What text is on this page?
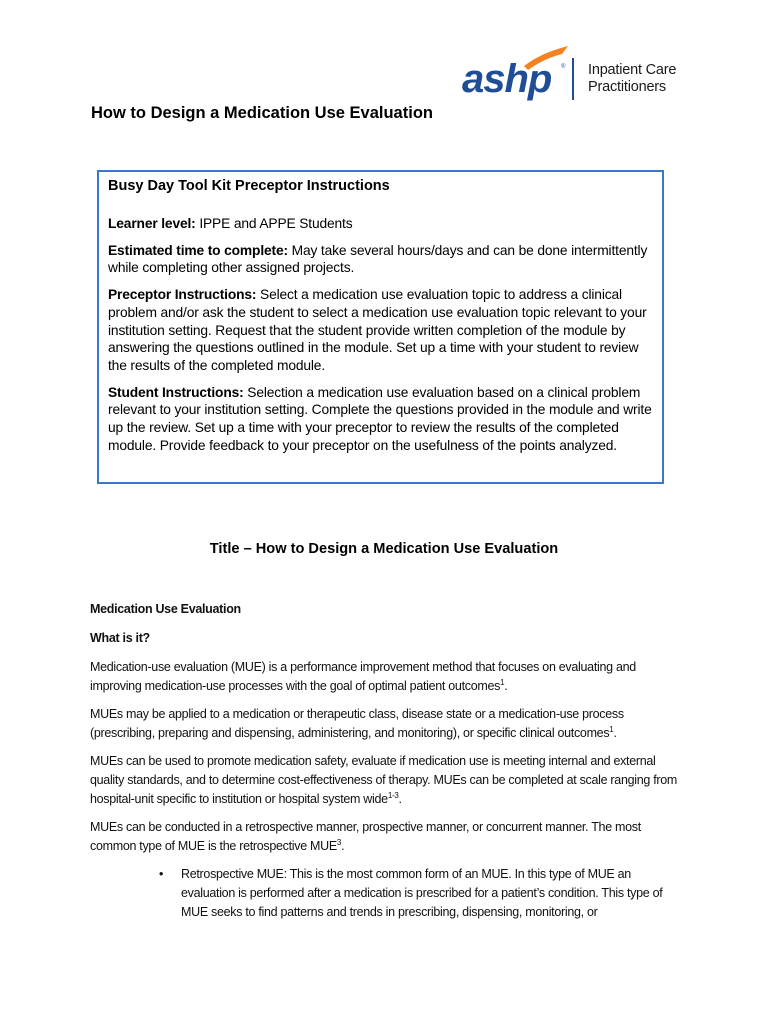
ashp ® Inpatient Care
Practitioners
How to Design a Medication Use Evaluation
Busy Day Tool Kit Preceptor Instructions

Learner level: IPPE and APPE Students

Estimated time to complete: May take several hours/days and can be done intermittently while completing other assigned projects.

Preceptor Instructions: Select a medication use evaluation topic to address a clinical problem and/or ask the student to select a medication use evaluation topic relevant to your institution setting. Request that the student provide written completion of the module by answering the questions outlined in the module. Set up a time with your student to review the results of the completed module.

Student Instructions: Selection a medication use evaluation based on a clinical problem relevant to your institution setting. Complete the questions provided in the module and write up the review. Set up a time with your preceptor to review the results of the completed module. Provide feedback to your preceptor on the usefulness of the points analyzed.

Title – How to Design a Medication Use Evaluation
Medication Use Evaluation
What is it?

Medication-use evaluation (MUE) is a performance improvement method that focuses on evaluating and improving medication-use processes with the goal of optimal patient outcomes$^1$.

MUEs may be applied to a medication or therapeutic class, disease state or a medication-use process (prescribing, preparing and dispensing, administering, and monitoring), or specific clinical outcomes$^1$.

MUEs can be used to promote medication safety, evaluate if medication use is meeting internal and external quality standards, and to determine cost-effectiveness of therapy. MUEs can be completed at scale ranging from hospital-unit specific to institution or hospital system wide$^{1-3}$.

MUEs can be conducted in a retrospective manner, prospective manner, or concurrent manner. The most common type of MUE is the retrospective MUE$^3$.

• Retrospective MUE: This is the most common form of an MUE. In this type of MUE an evaluation is performed after a medication is prescribed for a patient’s condition. This type of MUE seeks to find patterns and trends in prescribing, dispensing, monitoring, or
